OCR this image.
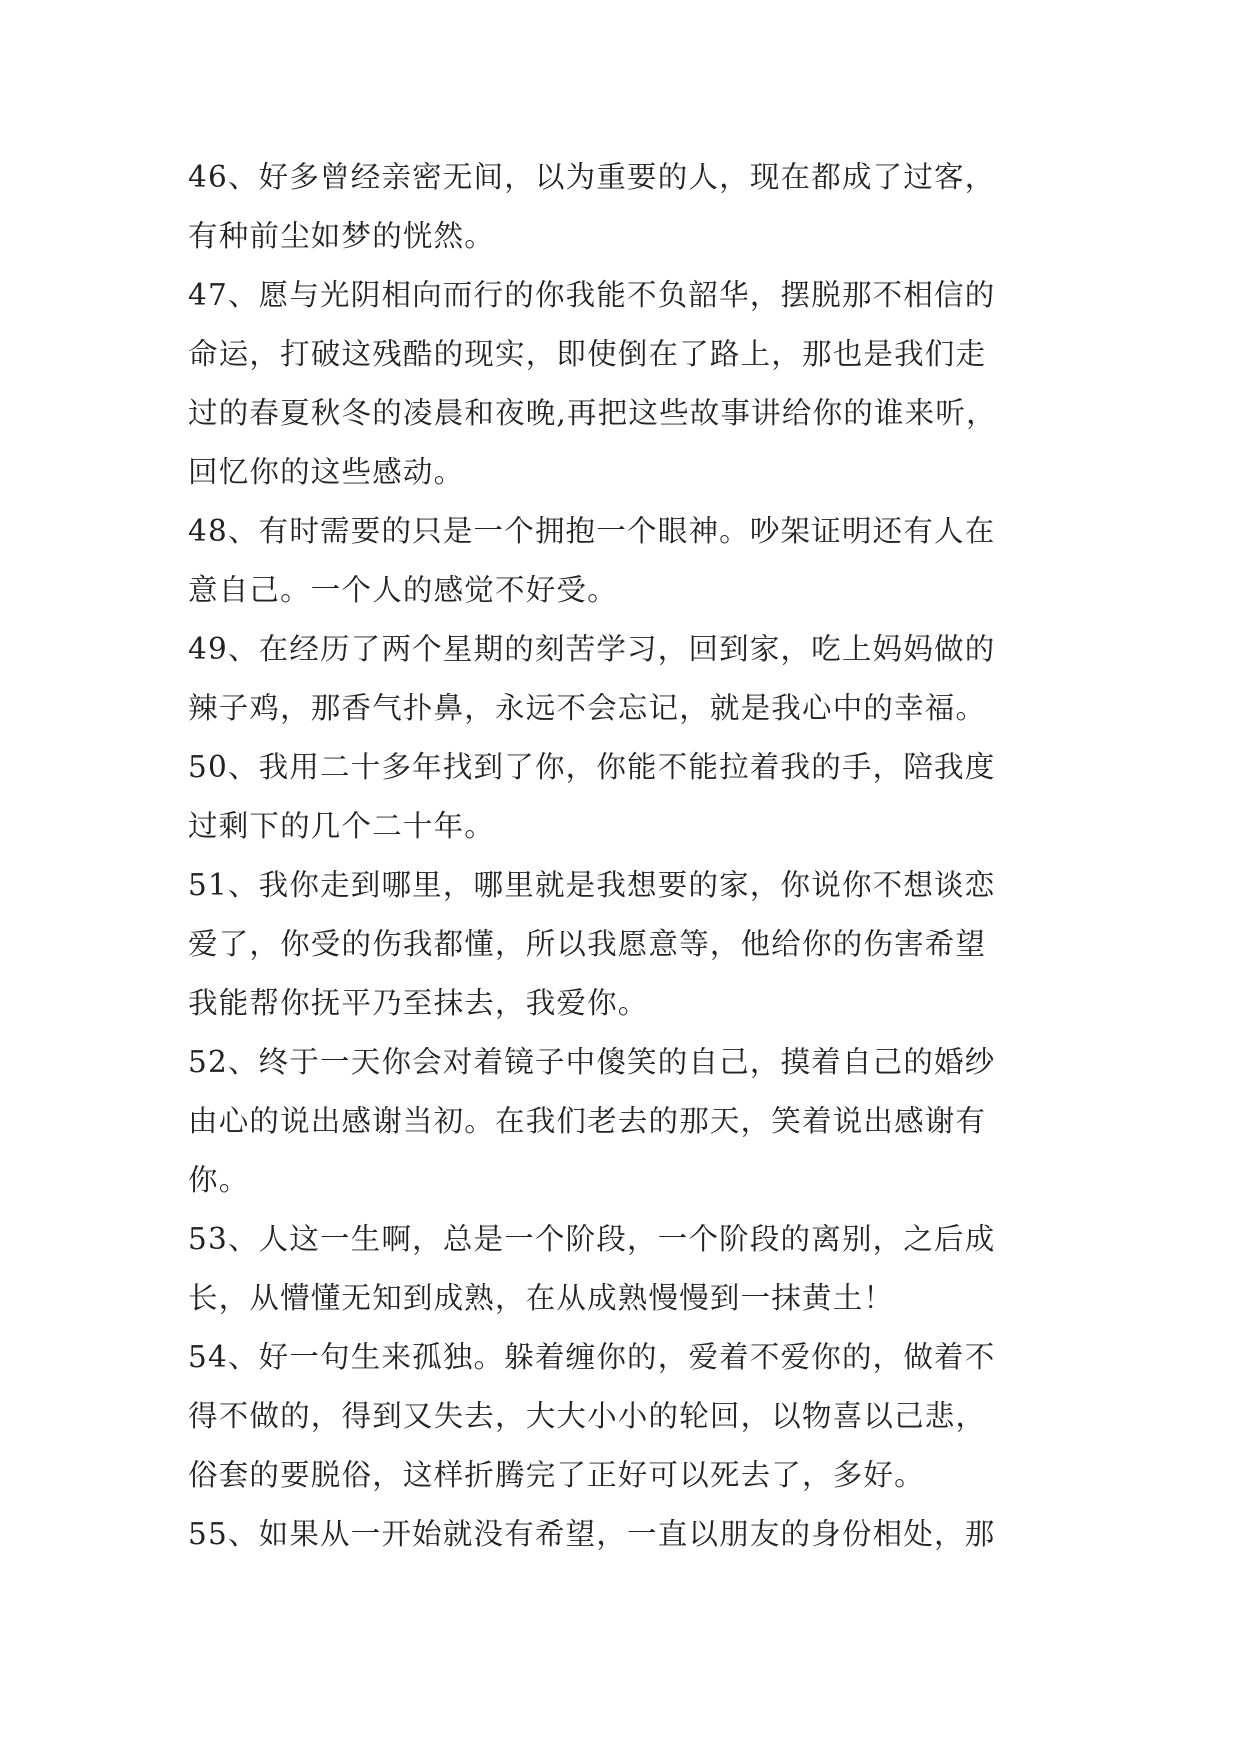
46、好多曾经亲密无间，以为重要的人，现在都成了过客，
有种前尘如梦的恍然。
47、愿与光阴相向而行的你我能不负韶华，摆脱那不相信的
命运，打破这残酷的现实，即使倒在了路上，那也是我们走
过的春夏秋冬的凌晨和夜晚,再把这些故事讲给你的谁来听，
回忆你的这些感动。
48、有时需要的只是一个拥抱一个眼神。吵架证明还有人在
意自己。一个人的感觉不好受。
49、在经历了两个星期的刻苦学习，回到家，吃上妈妈做的
辣子鸡，那香气扑鼻，永远不会忘记，就是我心中的幸福。
50、我用二十多年找到了你，你能不能拉着我的手，陪我度
过剩下的几个二十年。
51、我你走到哪里，哪里就是我想要的家，你说你不想谈恋
爱了，你受的伤我都懂，所以我愿意等，他给你的伤害希望
我能帮你抚平乃至抹去，我爱你。
52、终于一天你会对着镜子中傻笑的自己，摸着自己的婚纱
由心的说出感谢当初。在我们老去的那天，笑着说出感谢有
你。
53、人这一生啊，总是一个阶段，一个阶段的离别，之后成
长，从懵懂无知到成熟，在从成熟慢慢到一抹黄土！
54、好一句生来孤独。躲着缠你的，爱着不爱你的，做着不
得不做的，得到又失去，大大小小的轮回，以物喜以己悲，
俗套的要脱俗，这样折腾完了正好可以死去了，多好。
55、如果从一开始就没有希望，一直以朋友的身份相处，那
